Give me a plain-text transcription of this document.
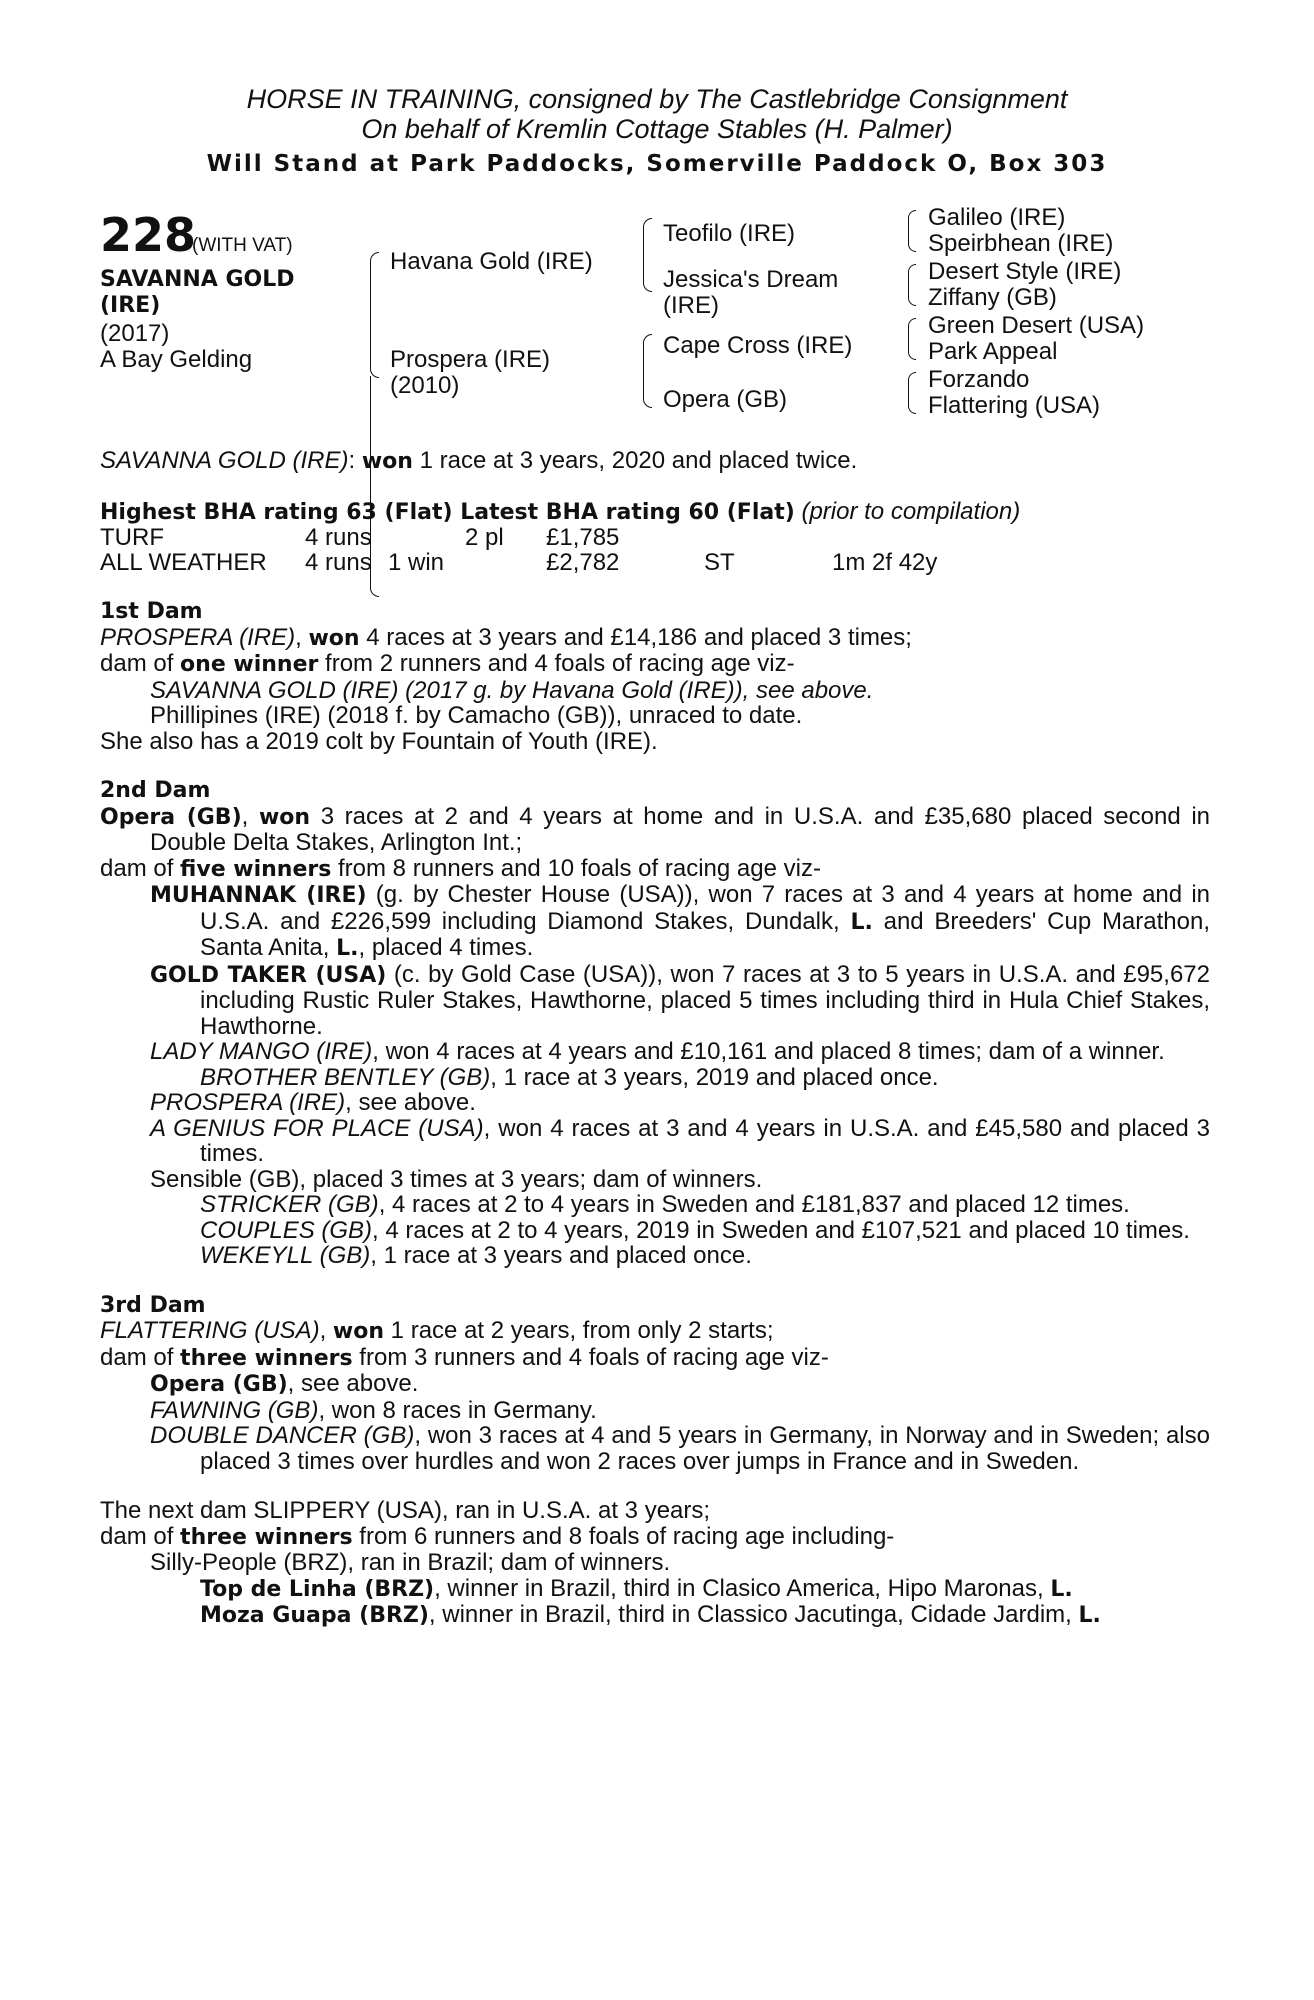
HORSE IN TRAINING, consigned by The Castlebridge Consignment
On behalf of Kremlin Cottage Stables (H. Palmer)
Will Stand at Park Paddocks, Somerville Paddock O, Box 303
228
(WITH VAT)
SAVANNA GOLD
(IRE)
(2017)
A Bay Gelding
Havana Gold (IRE)
Prospera (IRE)
(2010)
Teofilo (IRE)
Jessica's Dream
(IRE)
Cape Cross (IRE)
Opera (GB)
Galileo (IRE)
Speirbhean (IRE)
Desert Style (IRE)
Ziffany (GB)
Green Desert (USA)
Park Appeal
Forzando
Flattering (USA)
SAVANNA GOLD (IRE): won 1 race at 3 years, 2020 and placed twice.
Highest BHA rating 63 (Flat) Latest BHA rating 60 (Flat) (prior to compilation)
TURF	4 runs		2 pl	£1,785		
ALL WEATHER	4 runs	1 win		£2,782	ST	1m 2f 42y
1st Dam
PROSPERA (IRE), won 4 races at 3 years and £14,186 and placed 3 times;
dam of one winner from 2 runners and 4 foals of racing age viz-
SAVANNA GOLD (IRE) (2017 g. by Havana Gold (IRE)), see above.
Phillipines (IRE) (2018 f. by Camacho (GB)), unraced to date.
She also has a 2019 colt by Fountain of Youth (IRE).
2nd Dam
Opera (GB), won 3 races at 2 and 4 years at home and in U.S.A. and £35,680 placed second in Double Delta Stakes, Arlington Int.;
dam of five winners from 8 runners and 10 foals of racing age viz-
MUHANNAK (IRE) (g. by Chester House (USA)), won 7 races at 3 and 4 years at home and in U.S.A. and £226,599 including Diamond Stakes, Dundalk, L. and Breeders' Cup Marathon, Santa Anita, L., placed 4 times.
GOLD TAKER (USA) (c. by Gold Case (USA)), won 7 races at 3 to 5 years in U.S.A. and £95,672 including Rustic Ruler Stakes, Hawthorne, placed 5 times including third in Hula Chief Stakes, Hawthorne.
LADY MANGO (IRE), won 4 races at 4 years and £10,161 and placed 8 times; dam of a winner.
BROTHER BENTLEY (GB), 1 race at 3 years, 2019 and placed once.
PROSPERA (IRE), see above.
A GENIUS FOR PLACE (USA), won 4 races at 3 and 4 years in U.S.A. and £45,580 and placed 3 times.
Sensible (GB), placed 3 times at 3 years; dam of winners.
STRICKER (GB), 4 races at 2 to 4 years in Sweden and £181,837 and placed 12 times.
COUPLES (GB), 4 races at 2 to 4 years, 2019 in Sweden and £107,521 and placed 10 times.
WEKEYLL (GB), 1 race at 3 years and placed once.
3rd Dam
FLATTERING (USA), won 1 race at 2 years, from only 2 starts;
dam of three winners from 3 runners and 4 foals of racing age viz-
Opera (GB), see above.
FAWNING (GB), won 8 races in Germany.
DOUBLE DANCER (GB), won 3 races at 4 and 5 years in Germany, in Norway and in Sweden; also placed 3 times over hurdles and won 2 races over jumps in France and in Sweden.
The next dam SLIPPERY (USA), ran in U.S.A. at 3 years;
dam of three winners from 6 runners and 8 foals of racing age including-
Silly-People (BRZ), ran in Brazil; dam of winners.
Top de Linha (BRZ), winner in Brazil, third in Clasico America, Hipo Maronas, L.
Moza Guapa (BRZ), winner in Brazil, third in Classico Jacutinga, Cidade Jardim, L.
